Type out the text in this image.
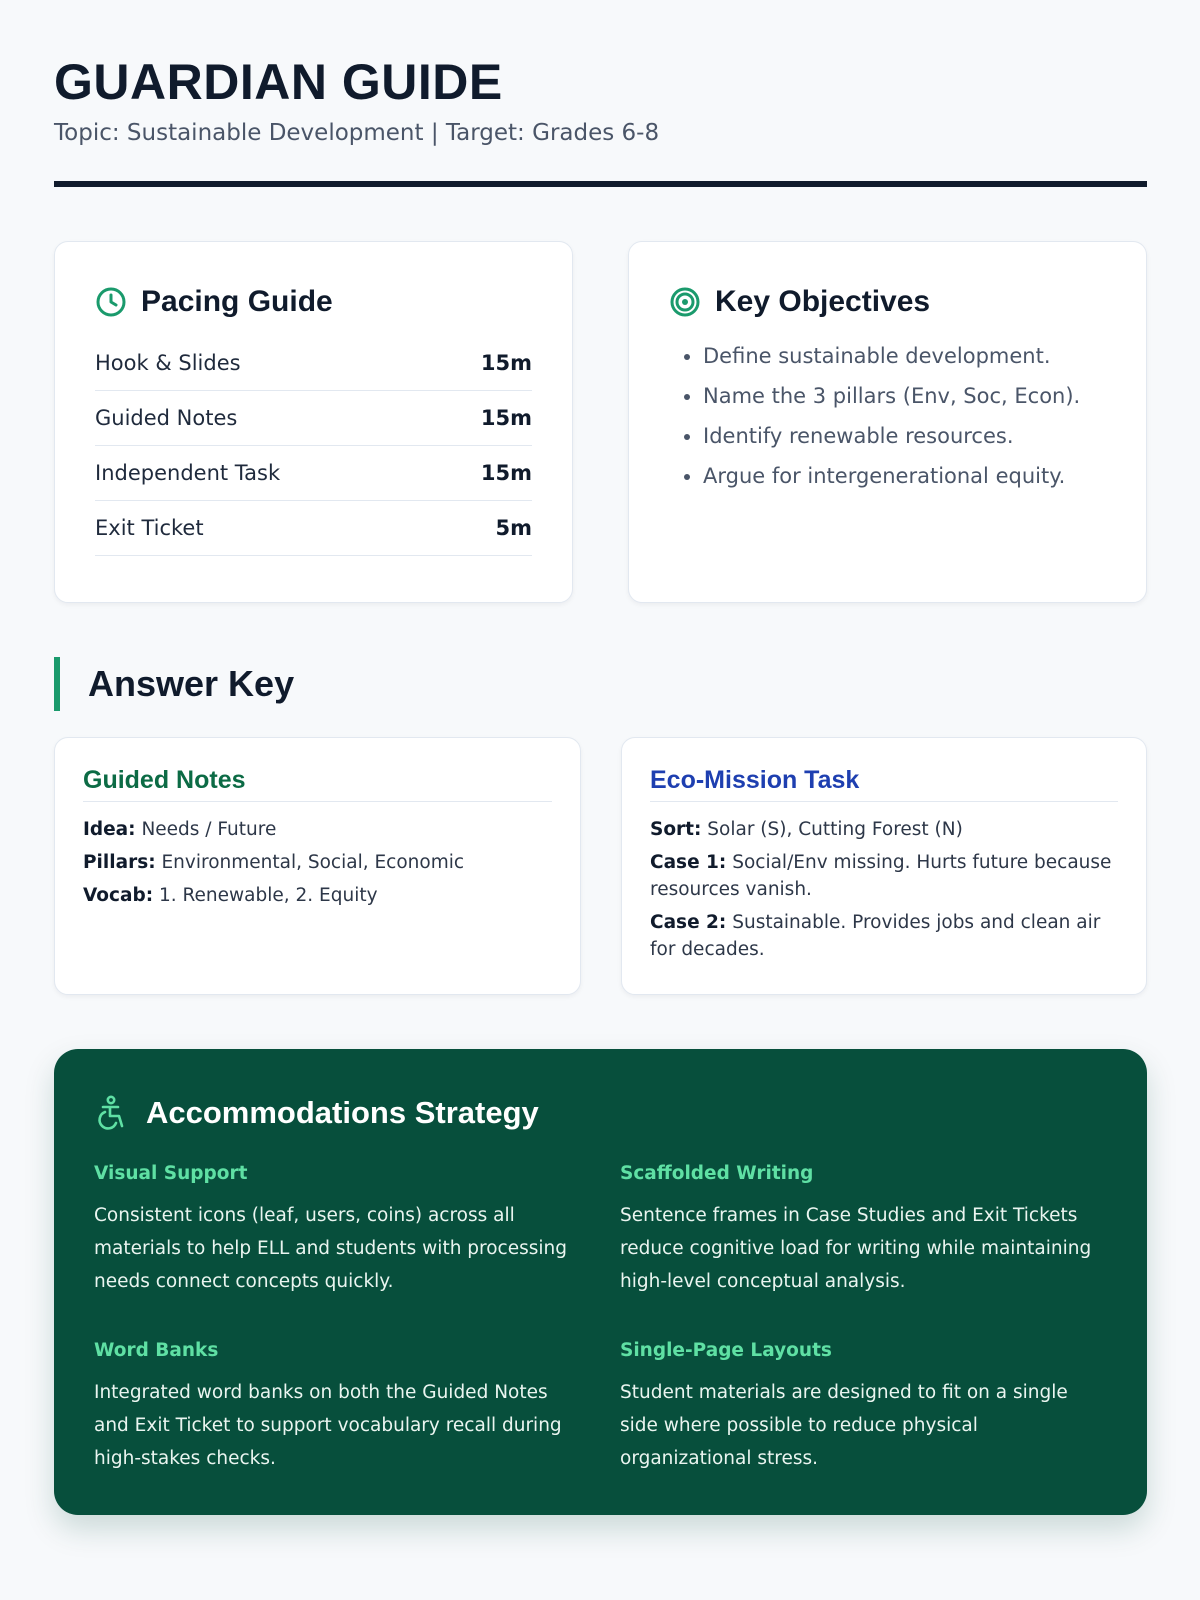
GUARDIAN GUIDE
Topic: Sustainable Development | Target: Grades 6-8
Pacing Guide
Hook & Slides	15m
Guided Notes	15m
Independent Task	15m
Exit Ticket	5m
Key Objectives
• Define sustainable development.
• Name the 3 pillars (Env, Soc, Econ).
• Identify renewable resources.
• Argue for intergenerational equity.
Answer Key
Guided Notes
Idea: Needs / Future
Pillars: Environmental, Social, Economic
Vocab: 1. Renewable, 2. Equity
Eco-Mission Task
Sort: Solar (S), Cutting Forest (N)
Case 1: Social/Env missing. Hurts future because resources vanish.
Case 2: Sustainable. Provides jobs and clean air for decades.
Accommodations Strategy
Visual Support

Consistent icons (leaf, users, coins) across all materials to help ELL and students with processing needs connect concepts quickly.

Scaffolded Writing

Sentence frames in Case Studies and Exit Tickets reduce cognitive load for writing while maintaining high-level conceptual analysis.

Word Banks

Integrated word banks on both the Guided Notes and Exit Ticket to support vocabulary recall during high-stakes checks.

Single-Page Layouts

Student materials are designed to fit on a single side where possible to reduce physical organizational stress.
